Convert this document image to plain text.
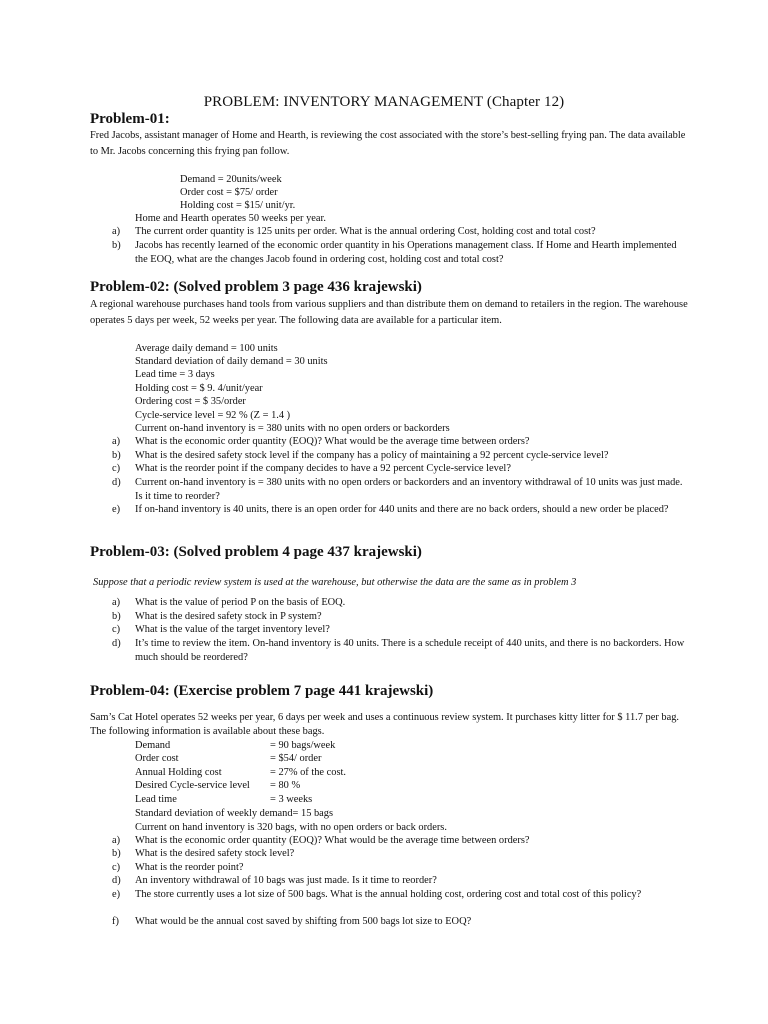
PROBLEM: INVENTORY MANAGEMENT (Chapter 12)
Problem-01:
Fred Jacobs, assistant manager of Home and Hearth, is reviewing the cost associated with the store’s best-selling frying pan. The data available to Mr. Jacobs concerning this frying pan follow.
Demand = 20units/week
Order cost = $75/ order
Holding cost = $15/ unit/yr.
Home and Hearth operates 50 weeks per year.
a) The current order quantity is 125 units per order. What is the annual ordering Cost, holding cost and total cost?
b) Jacobs has recently learned of the economic order quantity in his Operations management class. If Home and Hearth implemented the EOQ, what are the changes Jacob found in ordering cost, holding cost and total cost?
Problem-02: (Solved problem 3 page 436 krajewski)
A regional warehouse purchases hand tools from various suppliers and than distribute them on demand to retailers in the region. The warehouse operates 5 days per week, 52 weeks per year. The following data are available for a particular item.
Average daily demand = 100 units
Standard deviation of daily demand = 30 units
Lead time = 3 days
Holding cost = $ 9. 4/unit/year
Ordering cost = $ 35/order
Cycle-service level = 92 % (Z = 1.4 )
Current on-hand inventory is = 380 units with no open orders or backorders
a) What is the economic order quantity (EOQ)? What would be the average time between orders?
b) What is the desired safety stock level if the company has a policy of maintaining a 92 percent cycle-service level?
c) What is the reorder point if the company decides to have a 92 percent Cycle-service level?
d) Current on-hand inventory is = 380 units with no open orders or backorders and an inventory withdrawal of 10 units was just made. Is it time to reorder?
e) If on-hand inventory is 40 units, there is an open order for 440 units and there are no back orders, should a new order be placed?
Problem-03: (Solved problem 4 page 437 krajewski)
Suppose that a periodic review system is used at the warehouse, but otherwise the data are the same as in problem 3
a) What is the value of period P on the basis of EOQ.
b) What is the desired safety stock in P system?
c) What is the value of the target inventory level?
d) It’s time to review the item. On-hand inventory is 40 units. There is a schedule receipt of 440 units, and there is no backorders. How much should be reordered?
Problem-04: (Exercise problem 7 page 441 krajewski)
Sam’s Cat Hotel operates 52 weeks per year, 6 days per week and uses a continuous review system. It purchases kitty litter for $ 11.7 per bag. The following information is available about these bags.
Demand	= 90 bags/week
Order cost	= $54/ order
Annual Holding cost	= 27% of the cost.
Desired Cycle-service level = 80 %
Lead time	= 3 weeks
Standard deviation of weekly demand= 15 bags
Current on hand inventory is 320 bags, with no open orders or back orders.
a) What is the economic order quantity (EOQ)? What would be the average time between orders?
b) What is the desired safety stock level?
c) What is the reorder point?
d) An inventory withdrawal of 10 bags was just made. Is it time to reorder?
e) The store currently uses a lot size of 500 bags. What is the annual holding cost, ordering cost and total cost of this policy?
f) What would be the annual cost saved by shifting from 500 bags lot size to EOQ?
